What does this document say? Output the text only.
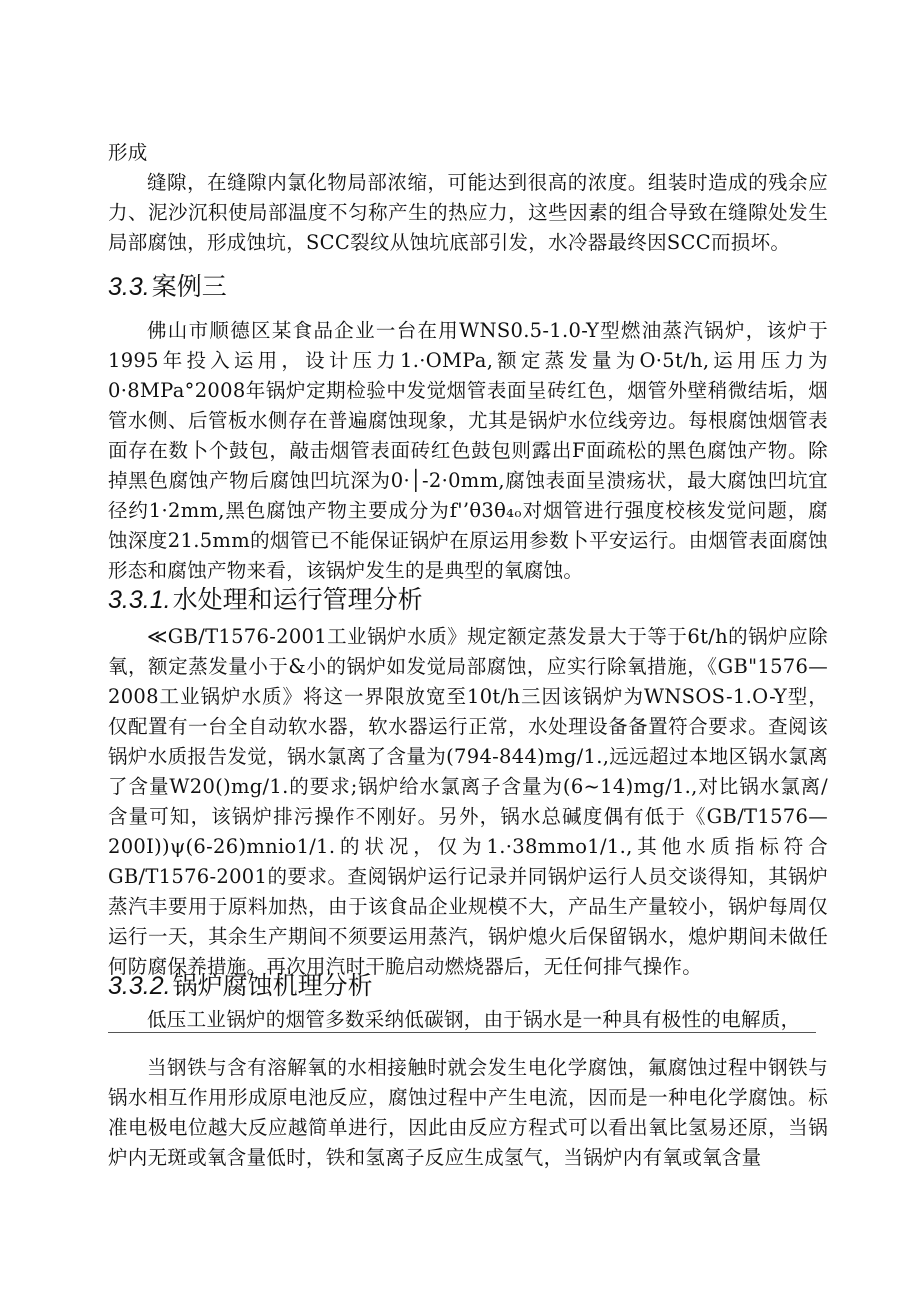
形成

缝隙，在缝隙内氯化物局部浓缩，可能达到很高的浓度。组装时造成的残余应力、泥沙沉积使局部温度不匀称产生的热应力，这些因素的组合导致在缝隙处发生局部腐蚀，形成蚀坑，SCC裂纹从蚀坑底部引发，水冷器最终因SCC而损坏。

3.3.案例三

佛山市顺德区某食品企业一台在用WNS0.5-1.0-Y型燃油蒸汽锅炉，该炉于1995年投入运用，设计压力1.·OMPa,额定蒸发量为O·5t/h,运用压力为0·8MPa°2008年锅炉定期检验中发觉烟管表面呈砖红色，烟管外壁稍微结垢，烟管水侧、后管板水侧存在普遍腐蚀现象，尤其是锅炉水位线旁边。每根腐蚀烟管表面存在数卜个鼓包，敲击烟管表面砖红色鼓包则露出F面疏松的黑色腐蚀产物。除掉黑色腐蚀产物后腐蚀凹坑深为0·│-2·0mm,腐蚀表面呈溃疡状，最大腐蚀凹坑宜径约1·2mm,黑色腐蚀产物主要成分为f'’θ3θ₄ₒ对烟管进行强度校核发觉问题，腐蚀深度21.5mm的烟管已不能保证锅炉在原运用参数卜平安运行。由烟管表面腐蚀形态和腐蚀产物来看，该锅炉发生的是典型的氧腐蚀。

3.3.1.水处理和运行管理分析

≪GB/T1576-2001工业锅炉水质》规定额定蒸发景大于等于6t/h的锅炉应除氧，额定蒸发量小于&小的锅炉如发觉局部腐蚀，应实行除氧措施，《GB"1576—2008工业锅炉水质》将这一界限放宽至10t/h三因该锅炉为WNSOS-1.O-Y型，仅配置有一台全自动软水器，软水器运行正常，水处理设备备置符合要求。查阅该锅炉水质报告发觉，锅水氯离了含量为(794-844)mg/1.,远远超过本地区锅水氯离了含量W20()mg/1.的要求;锅炉给水氯离子含量为(6~14)mg/1.,对比锅水氯离/含量可知，该锅炉排污操作不刚好。另外，锅水总碱度偶有低于《GB/T1576—200I))ψ(6-26)mnio1/1.的状况，仅为1.·38mmo1/1.,其他水质指标符合GB/T1576-2001的要求。查阅锅炉运行记录并同锅炉运行人员交谈得知，其锅炉蒸汽丰要用于原料加热，由于该食品企业规模不大，产品生产量较小，锅炉每周仅运行一天，其余生产期间不须要运用蒸汽，锅炉熄火后保留锅水，熄炉期间未做任何防腐保养措施。再次用汽时干脆启动燃烧器后，无任何排气操作。

3.3.2.锅炉腐蚀机理分析

低压工业锅炉的烟管多数采纳低碳钢，由于锅水是一种具有极性的电解质，

当钢铁与含有溶解氧的水相接触时就会发生电化学腐蚀，氟腐蚀过程中钢铁与锅水相互作用形成原电池反应，腐蚀过程中产生电流，因而是一种电化学腐蚀。标准电极电位越大反应越简单进行，因此由反应方程式可以看出氧比氢易还原，当锅炉内无斑或氧含量低时，铁和氢离子反应生成氢气，当锅炉内有氧或氧含量
